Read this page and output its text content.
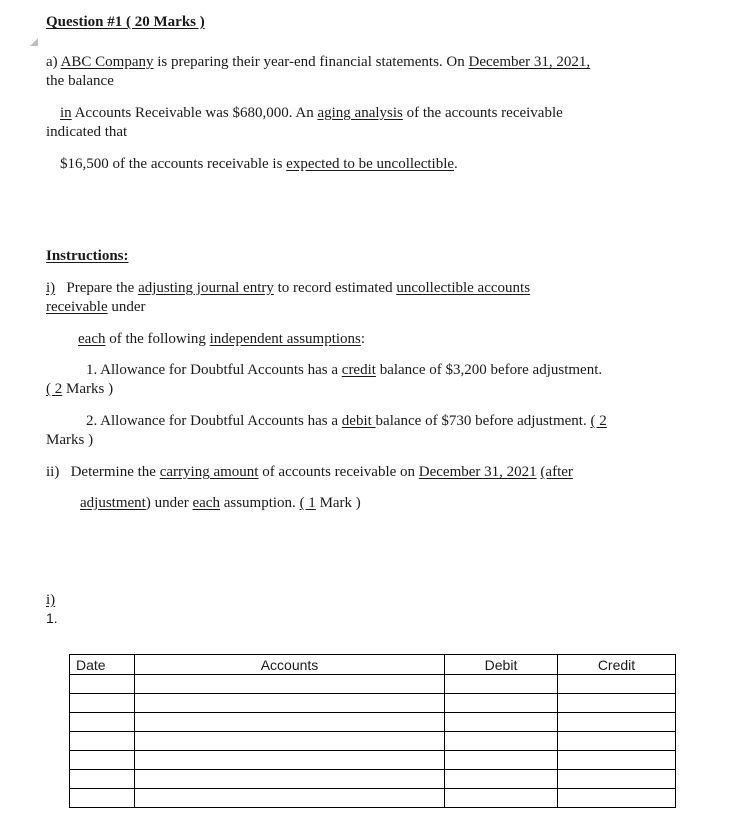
Question #1 ( 20 Marks )
a) ABC Company is preparing their year-end financial statements. On December 31, 2021,
the balance
in Accounts Receivable was $680,000. An aging analysis of the accounts receivable
indicated that
$16,500 of the accounts receivable is expected to be uncollectible.
Instructions:
i)   Prepare the adjusting journal entry to record estimated uncollectible accounts
receivable under
each of the following independent assumptions:
1. Allowance for Doubtful Accounts has a credit balance of $3,200 before adjustment.
( 2 Marks )
2. Allowance for Doubtful Accounts has a debit balance of $730 before adjustment. ( 2
Marks )
ii)   Determine the carrying amount of accounts receivable on December 31, 2021 (after
adjustment) under each assumption. ( 1 Mark )
i)
1.
Date	Accounts	Debit	Credit
